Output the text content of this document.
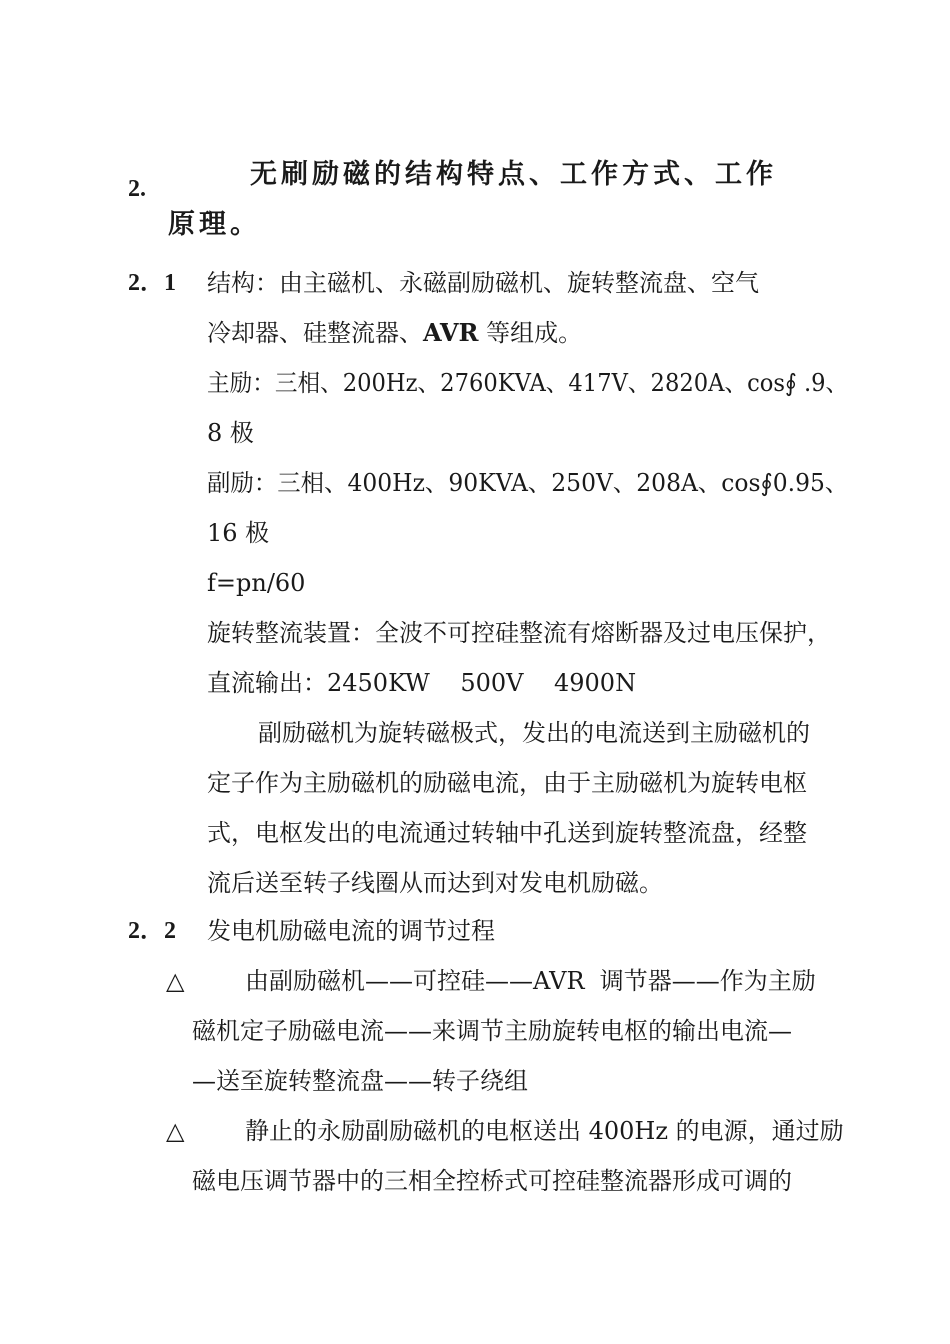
2.	无刷励磁的结构特点、工作方式、工作
原理。
2．1 结构：由主磁机、永磁副励磁机、旋转整流盘、空气
冷却器、硅整流器、AVR 等组成。
主励：三相、200Hz、2760KVA、417V、2820A、cos∮ .9、
8 极
副励：三相、400Hz、90KVA、250V、208A、cos∮0.95、
16 极
f=pn/60
旋转整流装置：全波不可控硅整流有熔断器及过电压保护，
直流输出：2450KW    500V    4900N
副励磁机为旋转磁极式，发出的电流送到主励磁机的
定子作为主励磁机的励磁电流，由于主励磁机为旋转电枢
式，电枢发出的电流通过转轴中孔送到旋转整流盘，经整
流后送至转子线圈从而达到对发电机励磁。
2．2 发电机励磁电流的调节过程
△	由副励磁机——可控硅——AVR  调节器——作为主励
磁机定子励磁电流——来调节主励旋转电枢的输出电流—
—送至旋转整流盘——转子绕组
△	静止的永励副励磁机的电枢送出 400Hz 的电源，通过励
磁电压调节器中的三相全控桥式可控硅整流器形成可调的
